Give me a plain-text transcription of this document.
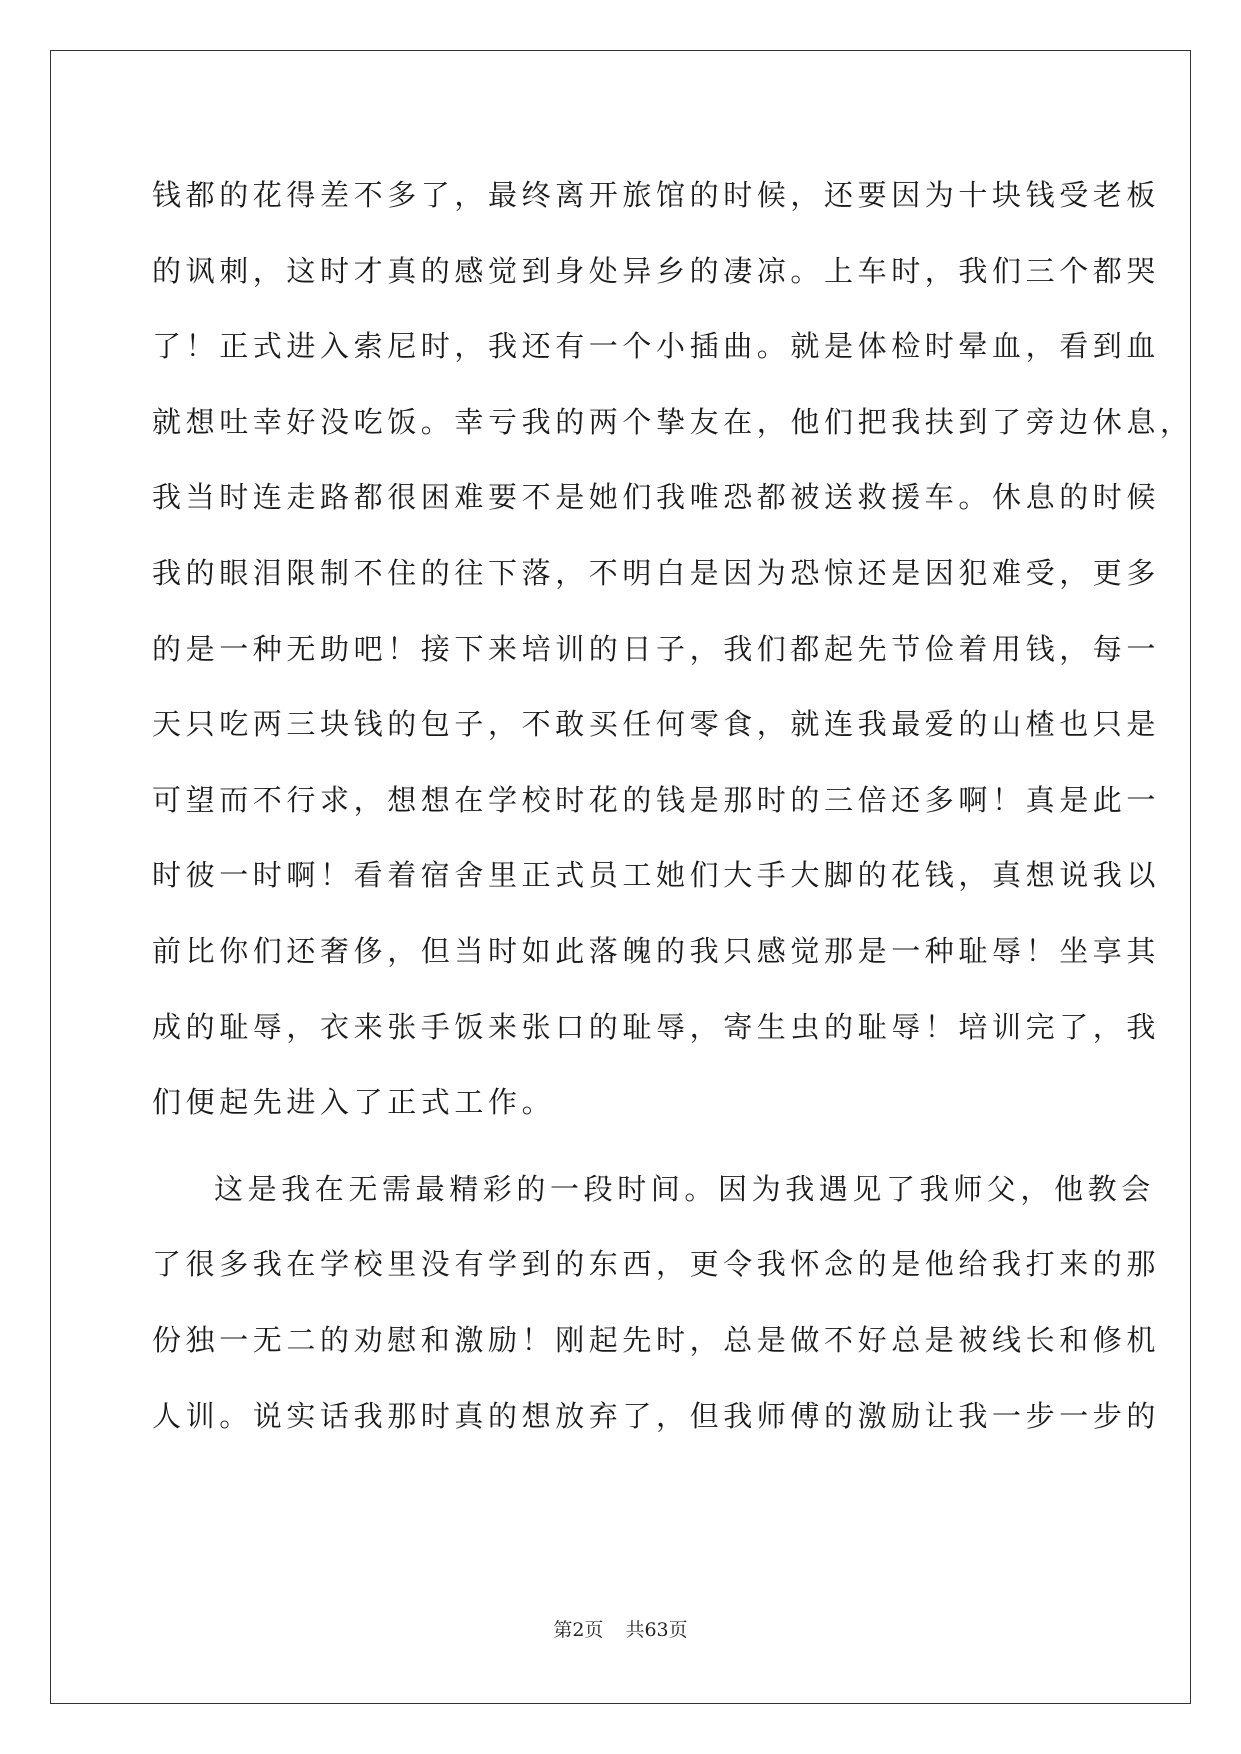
钱都的花得差不多了，最终离开旅馆的时候，还要因为十块钱受老板
的讽刺，这时才真的感觉到身处异乡的凄凉。上车时，我们三个都哭
了！正式进入索尼时，我还有一个小插曲。就是体检时晕血，看到血
就想吐幸好没吃饭。幸亏我的两个挚友在，他们把我扶到了旁边休息，
我当时连走路都很困难要不是她们我唯恐都被送救援车。休息的时候
我的眼泪限制不住的往下落，不明白是因为恐惊还是因犯难受，更多
的是一种无助吧！接下来培训的日子，我们都起先节俭着用钱，每一
天只吃两三块钱的包子，不敢买任何零食，就连我最爱的山楂也只是
可望而不行求，想想在学校时花的钱是那时的三倍还多啊！真是此一
时彼一时啊！看着宿舍里正式员工她们大手大脚的花钱，真想说我以
前比你们还奢侈，但当时如此落魄的我只感觉那是一种耻辱！坐享其
成的耻辱，衣来张手饭来张口的耻辱，寄生虫的耻辱！培训完了，我
们便起先进入了正式工作。
这是我在无需最精彩的一段时间。因为我遇见了我师父，他教会
了很多我在学校里没有学到的东西，更令我怀念的是他给我打来的那
份独一无二的劝慰和激励！刚起先时，总是做不好总是被线长和修机
人训。说实话我那时真的想放弃了，但我师傅的激励让我一步一步的
第2页 共63页
